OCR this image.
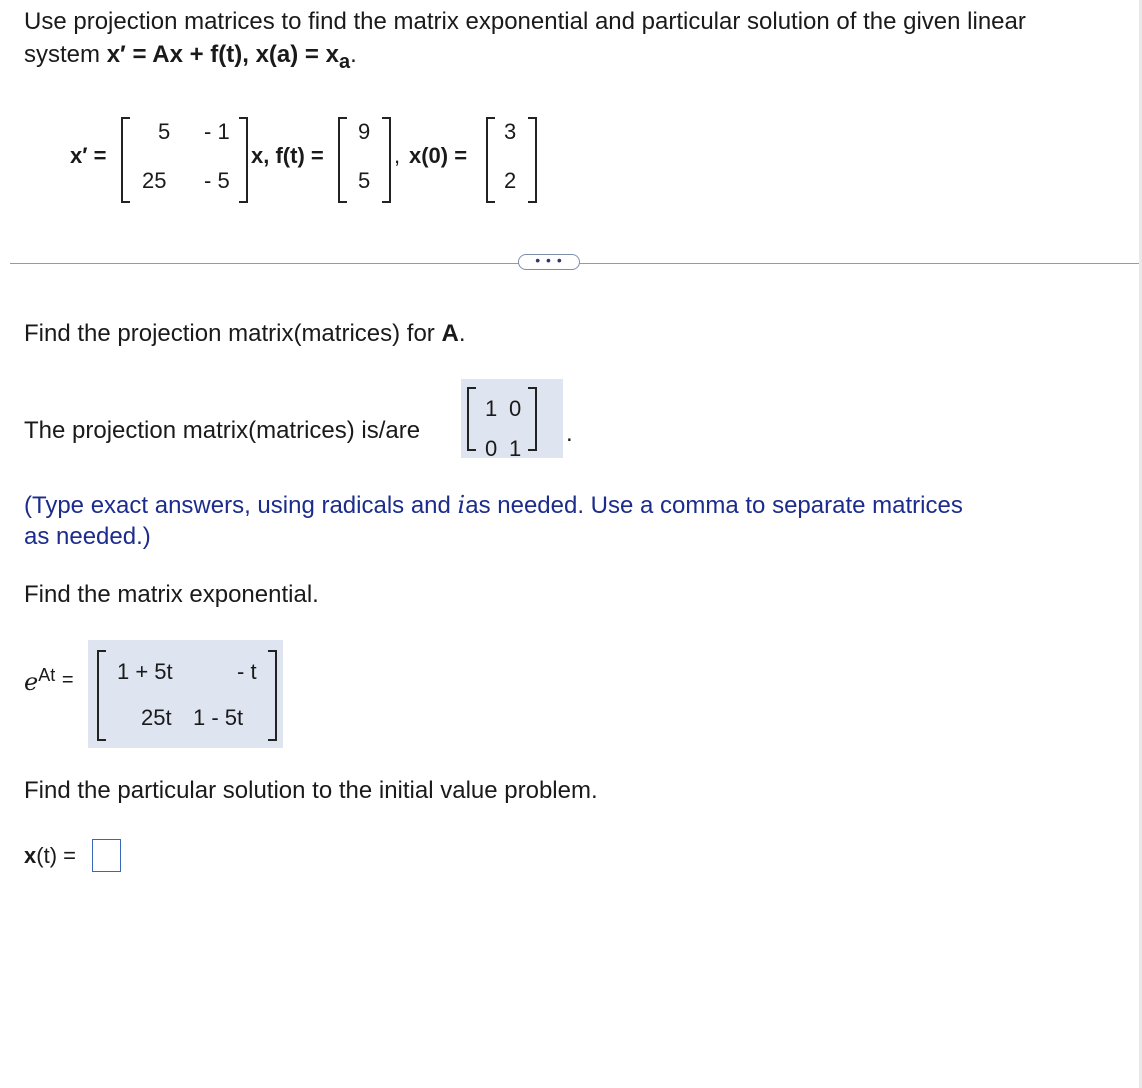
Use projection matrices to find the matrix exponential and particular solution of the given linear
system x′ = Ax + f(t), $x(a) = x_a$.
x′ =
5 - 1
25 - 5
x, f(t) =
9
5
, x(0) =
3
2
• • •
Find the projection matrix(matrices) for A.
The projection matrix(matrices) is/are
1 0
0 1
.
(Type exact answers, using radicals and ias needed. Use a comma to separate matrices
as needed.)
Find the matrix exponential.
$e^{At} = 1 + 5t$	- t
25t 1 - 5t
Find the particular solution to the initial value problem.
x(t) =
